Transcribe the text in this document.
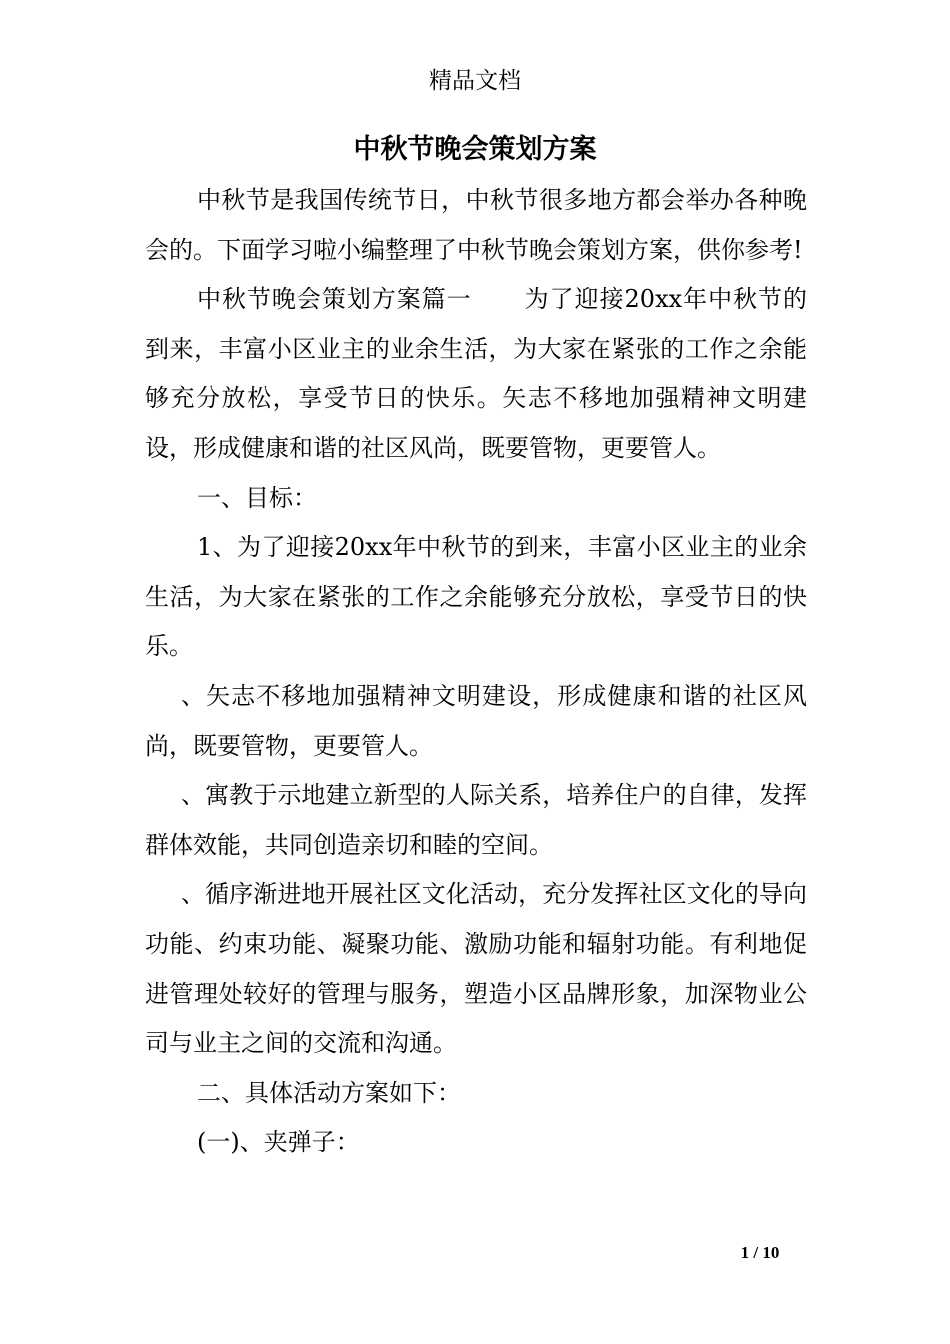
精品文档
中秋节晚会策划方案

中秋节是我国传统节日，中秋节很多地方都会举办各种晚会的。下面学习啦小编整理了中秋节晚会策划方案，供你参考!

中秋节晚会策划方案篇一 为了迎接20xx年中秋节的到来，丰富小区业主的业余生活，为大家在紧张的工作之余能够充分放松，享受节日的快乐。矢志不移地加强精神文明建设，形成健康和谐的社区风尚，既要管物，更要管人。

一、目标：

1、为了迎接20xx年中秋节的到来，丰富小区业主的业余生活，为大家在紧张的工作之余能够充分放松，享受节日的快乐。

、矢志不移地加强精神文明建设，形成健康和谐的社区风尚，既要管物，更要管人。

、寓教于示地建立新型的人际关系，培养住户的自律，发挥群体效能，共同创造亲切和睦的空间。

、循序渐进地开展社区文化活动，充分发挥社区文化的导向功能、约束功能、凝聚功能、激励功能和辐射功能。有利地促进管理处较好的管理与服务，塑造小区品牌形象，加深物业公司与业主之间的交流和沟通。

二、具体活动方案如下：

(一)、夹弹子：

1 / 10
